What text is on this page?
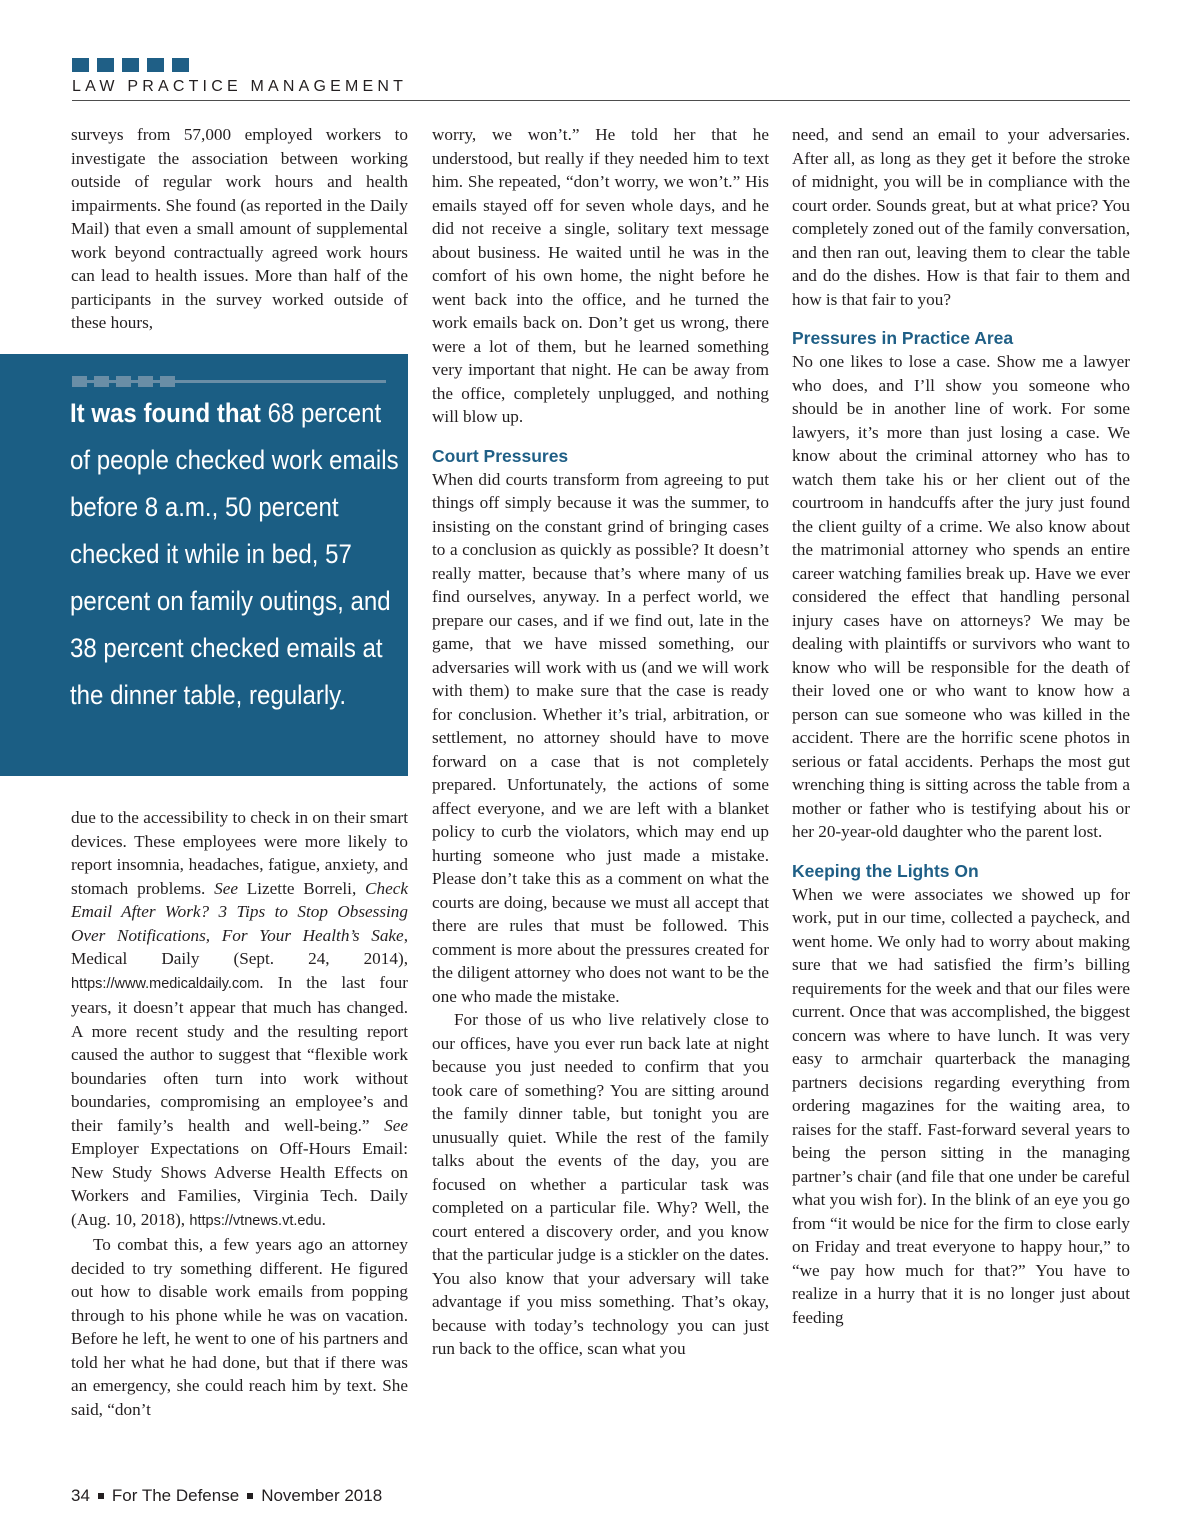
LAW PRACTICE MANAGEMENT

surveys from 57,000 employed workers to investigate the association between working outside of regular work hours and health impairments. She found (as reported in the Daily Mail) that even a small amount of supplemental work beyond contractually agreed work hours can lead to health issues. More than half of the participants in the survey worked outside of these hours,

It was found that 68 percent of people checked work emails before 8 a.m., 50 percent checked it while in bed, 57 percent on family outings, and 38 percent checked emails at the dinner table, regularly.

due to the accessibility to check in on their smart devices. These employees were more likely to report insomnia, headaches, fatigue, anxiety, and stomach problems. See Lizette Borreli, Check Email After Work? 3 Tips to Stop Obsessing Over Notifications, For Your Health’s Sake, Medical Daily (Sept. 24, 2014), https://www.medicaldaily.com. In the last four years, it doesn’t appear that much has changed. A more recent study and the resulting report caused the author to suggest that “flexible work boundaries often turn into work without boundaries, compromising an employee’s and their family’s health and well-being.” See Employer Expectations on Off-Hours Email: New Study Shows Adverse Health Effects on Workers and Families, Virginia Tech. Daily (Aug. 10, 2018), https://vtnews.vt.edu.

To combat this, a few years ago an attorney decided to try something different. He figured out how to disable work emails from popping through to his phone while he was on vacation. Before he left, he went to one of his partners and told her what he had done, but that if there was an emergency, she could reach him by text. She said, “don’t

worry, we won’t.” He told her that he understood, but really if they needed him to text him. She repeated, “don’t worry, we won’t.” His emails stayed off for seven whole days, and he did not receive a single, solitary text message about business. He waited until he was in the comfort of his own home, the night before he went back into the office, and he turned the work emails back on. Don’t get us wrong, there were a lot of them, but he learned something very important that night. He can be away from the office, completely unplugged, and nothing will blow up.

Court Pressures

When did courts transform from agreeing to put things off simply because it was the summer, to insisting on the constant grind of bringing cases to a conclusion as quickly as possible? It doesn’t really matter, because that’s where many of us find ourselves, anyway. In a perfect world, we prepare our cases, and if we find out, late in the game, that we have missed something, our adversaries will work with us (and we will work with them) to make sure that the case is ready for conclusion. Whether it’s trial, arbitration, or settlement, no attorney should have to move forward on a case that is not completely prepared. Unfortunately, the actions of some affect everyone, and we are left with a blanket policy to curb the violators, which may end up hurting someone who just made a mistake. Please don’t take this as a comment on what the courts are doing, because we must all accept that there are rules that must be followed. This comment is more about the pressures created for the diligent attorney who does not want to be the one who made the mistake.

For those of us who live relatively close to our offices, have you ever run back late at night because you just needed to confirm that you took care of something? You are sitting around the family dinner table, but tonight you are unusually quiet. While the rest of the family talks about the events of the day, you are focused on whether a particular task was completed on a particular file. Why? Well, the court entered a discovery order, and you know that the particular judge is a stickler on the dates. You also know that your adversary will take advantage if you miss something. That’s okay, because with today’s technology you can just run back to the office, scan what you

need, and send an email to your adversaries. After all, as long as they get it before the stroke of midnight, you will be in compliance with the court order. Sounds great, but at what price? You completely zoned out of the family conversation, and then ran out, leaving them to clear the table and do the dishes. How is that fair to them and how is that fair to you?

Pressures in Practice Area

No one likes to lose a case. Show me a lawyer who does, and I’ll show you someone who should be in another line of work. For some lawyers, it’s more than just losing a case. We know about the criminal attorney who has to watch them take his or her client out of the courtroom in handcuffs after the jury just found the client guilty of a crime. We also know about the matrimonial attorney who spends an entire career watching families break up. Have we ever considered the effect that handling personal injury cases have on attorneys? We may be dealing with plaintiffs or survivors who want to know who will be responsible for the death of their loved one or who want to know how a person can sue someone who was killed in the accident. There are the horrific scene photos in serious or fatal accidents. Perhaps the most gut wrenching thing is sitting across the table from a mother or father who is testifying about his or her 20-year-old daughter who the parent lost.

Keeping the Lights On

When we were associates we showed up for work, put in our time, collected a paycheck, and went home. We only had to worry about making sure that we had satisfied the firm’s billing requirements for the week and that our files were current. Once that was accomplished, the biggest concern was where to have lunch. It was very easy to armchair quarterback the managing partners decisions regarding everything from ordering magazines for the waiting area, to raises for the staff. Fast-forward several years to being the person sitting in the managing partner’s chair (and file that one under be careful what you wish for). In the blink of an eye you go from “it would be nice for the firm to close early on Friday and treat everyone to happy hour,” to “we pay how much for that?” You have to realize in a hurry that it is no longer just about feeding

34 For The Defense November 2018
